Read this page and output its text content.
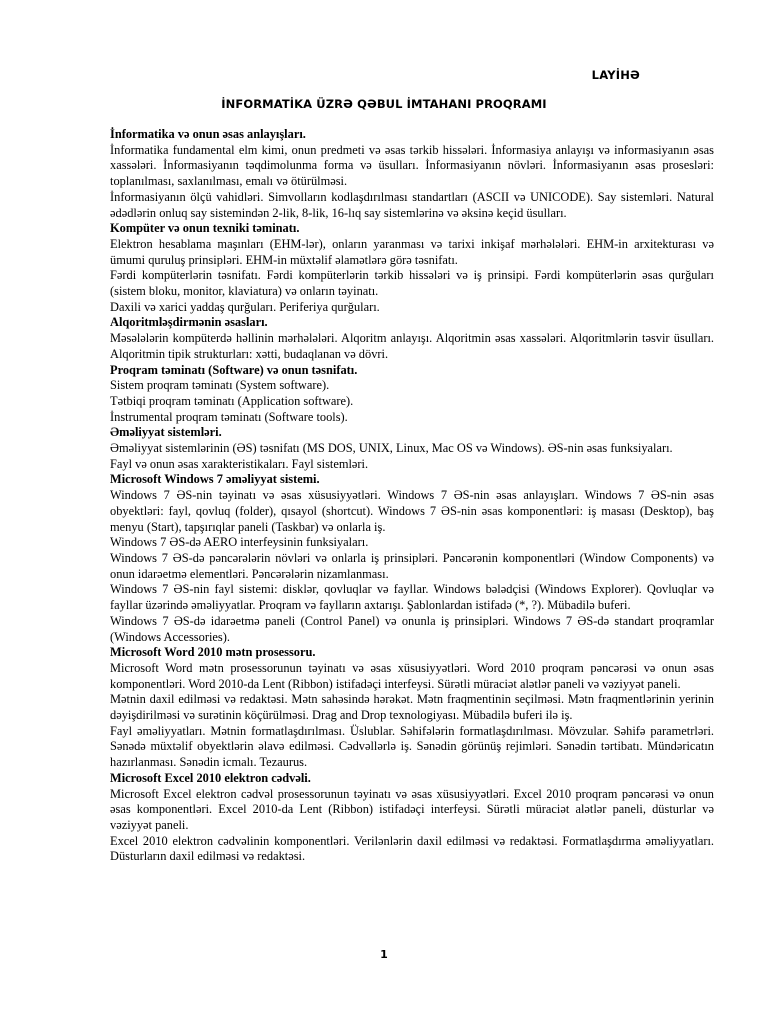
LAYİHƏ
İNFORMATİKA ÜZRƏ QƏBUL İMTAHANI PROQRAMI
İnformatika və onun əsas anlayışları.
İnformatika fundamental elm kimi, onun predmeti və əsas tərkib hissələri. İnformasiya anlayışı və informasiyanın əsas xassələri. İnformasiyanın təqdimolunma forma və üsulları. İnformasiyanın növləri. İnformasiyanın əsas prosesləri: toplanılması, saxlanılması, emalı və ötürülməsi.
İnformasiyanın ölçü vahidləri. Simvolların kodlaşdırılması standartları (ASCII və UNICODE). Say sistemləri. Natural ədədlərin onluq say sistemindən 2-lik, 8-lik, 16-lıq say sistemlərinə və əksinə keçid üsulları.
Kompüter və onun texniki təminatı.
Elektron hesablama maşınları (EHM-lər), onların yaranması və tarixi inkişaf mərhələləri. EHM-in arxitekturası və ümumi quruluş prinsipləri. EHM-in müxtəlif əlamətlərə görə təsnifatı.
Fərdi kompüterlərin təsnifatı. Fərdi kompüterlərin tərkib hissələri və iş prinsipi. Fərdi kompüterlərin əsas qurğuları (sistem bloku, monitor, klaviatura) və onların təyinatı.
Daxili və xarici yaddaş qurğuları. Periferiya qurğuları.
Alqoritmləşdirmənin əsasları.
Məsələlərin kompüterdə həllinin mərhələləri. Alqoritm anlayışı. Alqoritmin əsas xassələri. Alqoritmlərin təsvir üsulları. Alqoritmin tipik strukturları: xətti, budaqlanan və dövri.
Proqram təminatı (Software) və onun təsnifatı.
Sistem proqram təminatı (System software).
Tətbiqi proqram təminatı (Application software).
İnstrumental proqram təminatı (Software tools).
Əməliyyat sistemləri.
Əməliyyat sistemlərinin (ƏS) təsnifatı (MS DOS, UNIX, Linux, Mac OS və Windows). ƏS-nin əsas funksiyaları.
Fayl və onun əsas xarakteristikaları. Fayl sistemləri.
Microsoft Windows 7 əməliyyat sistemi.
Windows 7 ƏS-nin təyinatı və əsas xüsusiyyətləri. Windows 7 ƏS-nin əsas anlayışları. Windows 7 ƏS-nin əsas obyektləri: fayl, qovluq (folder), qısayol (shortcut). Windows 7 ƏS-nin əsas komponentləri: iş masası (Desktop), baş menyu (Start), tapşırıqlar paneli (Taskbar) və onlarla iş.
Windows 7 ƏS-də AERO interfeysinin funksiyaları.
Windows 7 ƏS-də pəncərələrin növləri və onlarla iş prinsipləri. Pəncərənin komponentləri (Window Components) və onun idarəetmə elementləri. Pəncərələrin nizamlanması.
Windows 7 ƏS-nin fayl sistemi: disklər, qovluqlar və fayllar. Windows bələdçisi (Windows Explorer). Qovluqlar və fayllar üzərində əməliyyatlar. Proqram və faylların axtarışı. Şablonlardan istifadə (*, ?). Mübadilə buferi.
Windows 7 ƏS-də idarəetmə paneli (Control Panel) və onunla iş prinsipləri. Windows 7 ƏS-də standart proqramlar (Windows Accessories).
Microsoft Word 2010 mətn prosessoru.
Microsoft Word mətn prosessorunun təyinatı və əsas xüsusiyyətləri. Word 2010 proqram pəncərəsi və onun əsas komponentləri. Word 2010-da Lent (Ribbon) istifadəçi interfeysi. Sürətli müraciət alətlər paneli və vəziyyət paneli.
Mətnin daxil edilməsi və redaktəsi. Mətn sahəsində hərəkət. Mətn fraqmentinin seçilməsi. Mətn fraqmentlərinin yerinin dəyişdirilməsi və surətinin köçürülməsi. Drag and Drop texnologiyası. Mübadilə buferi ilə iş.
Fayl əməliyyatları. Mətnin formatlaşdırılması. Üslublar. Səhifələrin formatlaşdırılması. Mövzular. Səhifə parametrləri. Sənədə müxtəlif obyektlərin əlavə edilməsi. Cədvəllərlə iş. Sənədin görünüş rejimləri. Sənədin tərtibatı. Mündəricatın hazırlanması. Sənədin icmalı. Tezaurus.
Microsoft Excel 2010 elektron cədvəli.
Microsoft Excel elektron cədvəl prosessorunun təyinatı və əsas xüsusiyyətləri. Excel 2010 proqram pəncərəsi və onun əsas komponentləri. Excel 2010-da Lent (Ribbon) istifadəçi interfeysi. Sürətli müraciət alətlər paneli, düsturlar və vəziyyət paneli.
Excel 2010 elektron cədvəlinin komponentləri. Verilənlərin daxil edilməsi və redaktəsi. Formatlaşdırma əməliyyatları. Düsturların daxil edilməsi və redaktəsi.
1
